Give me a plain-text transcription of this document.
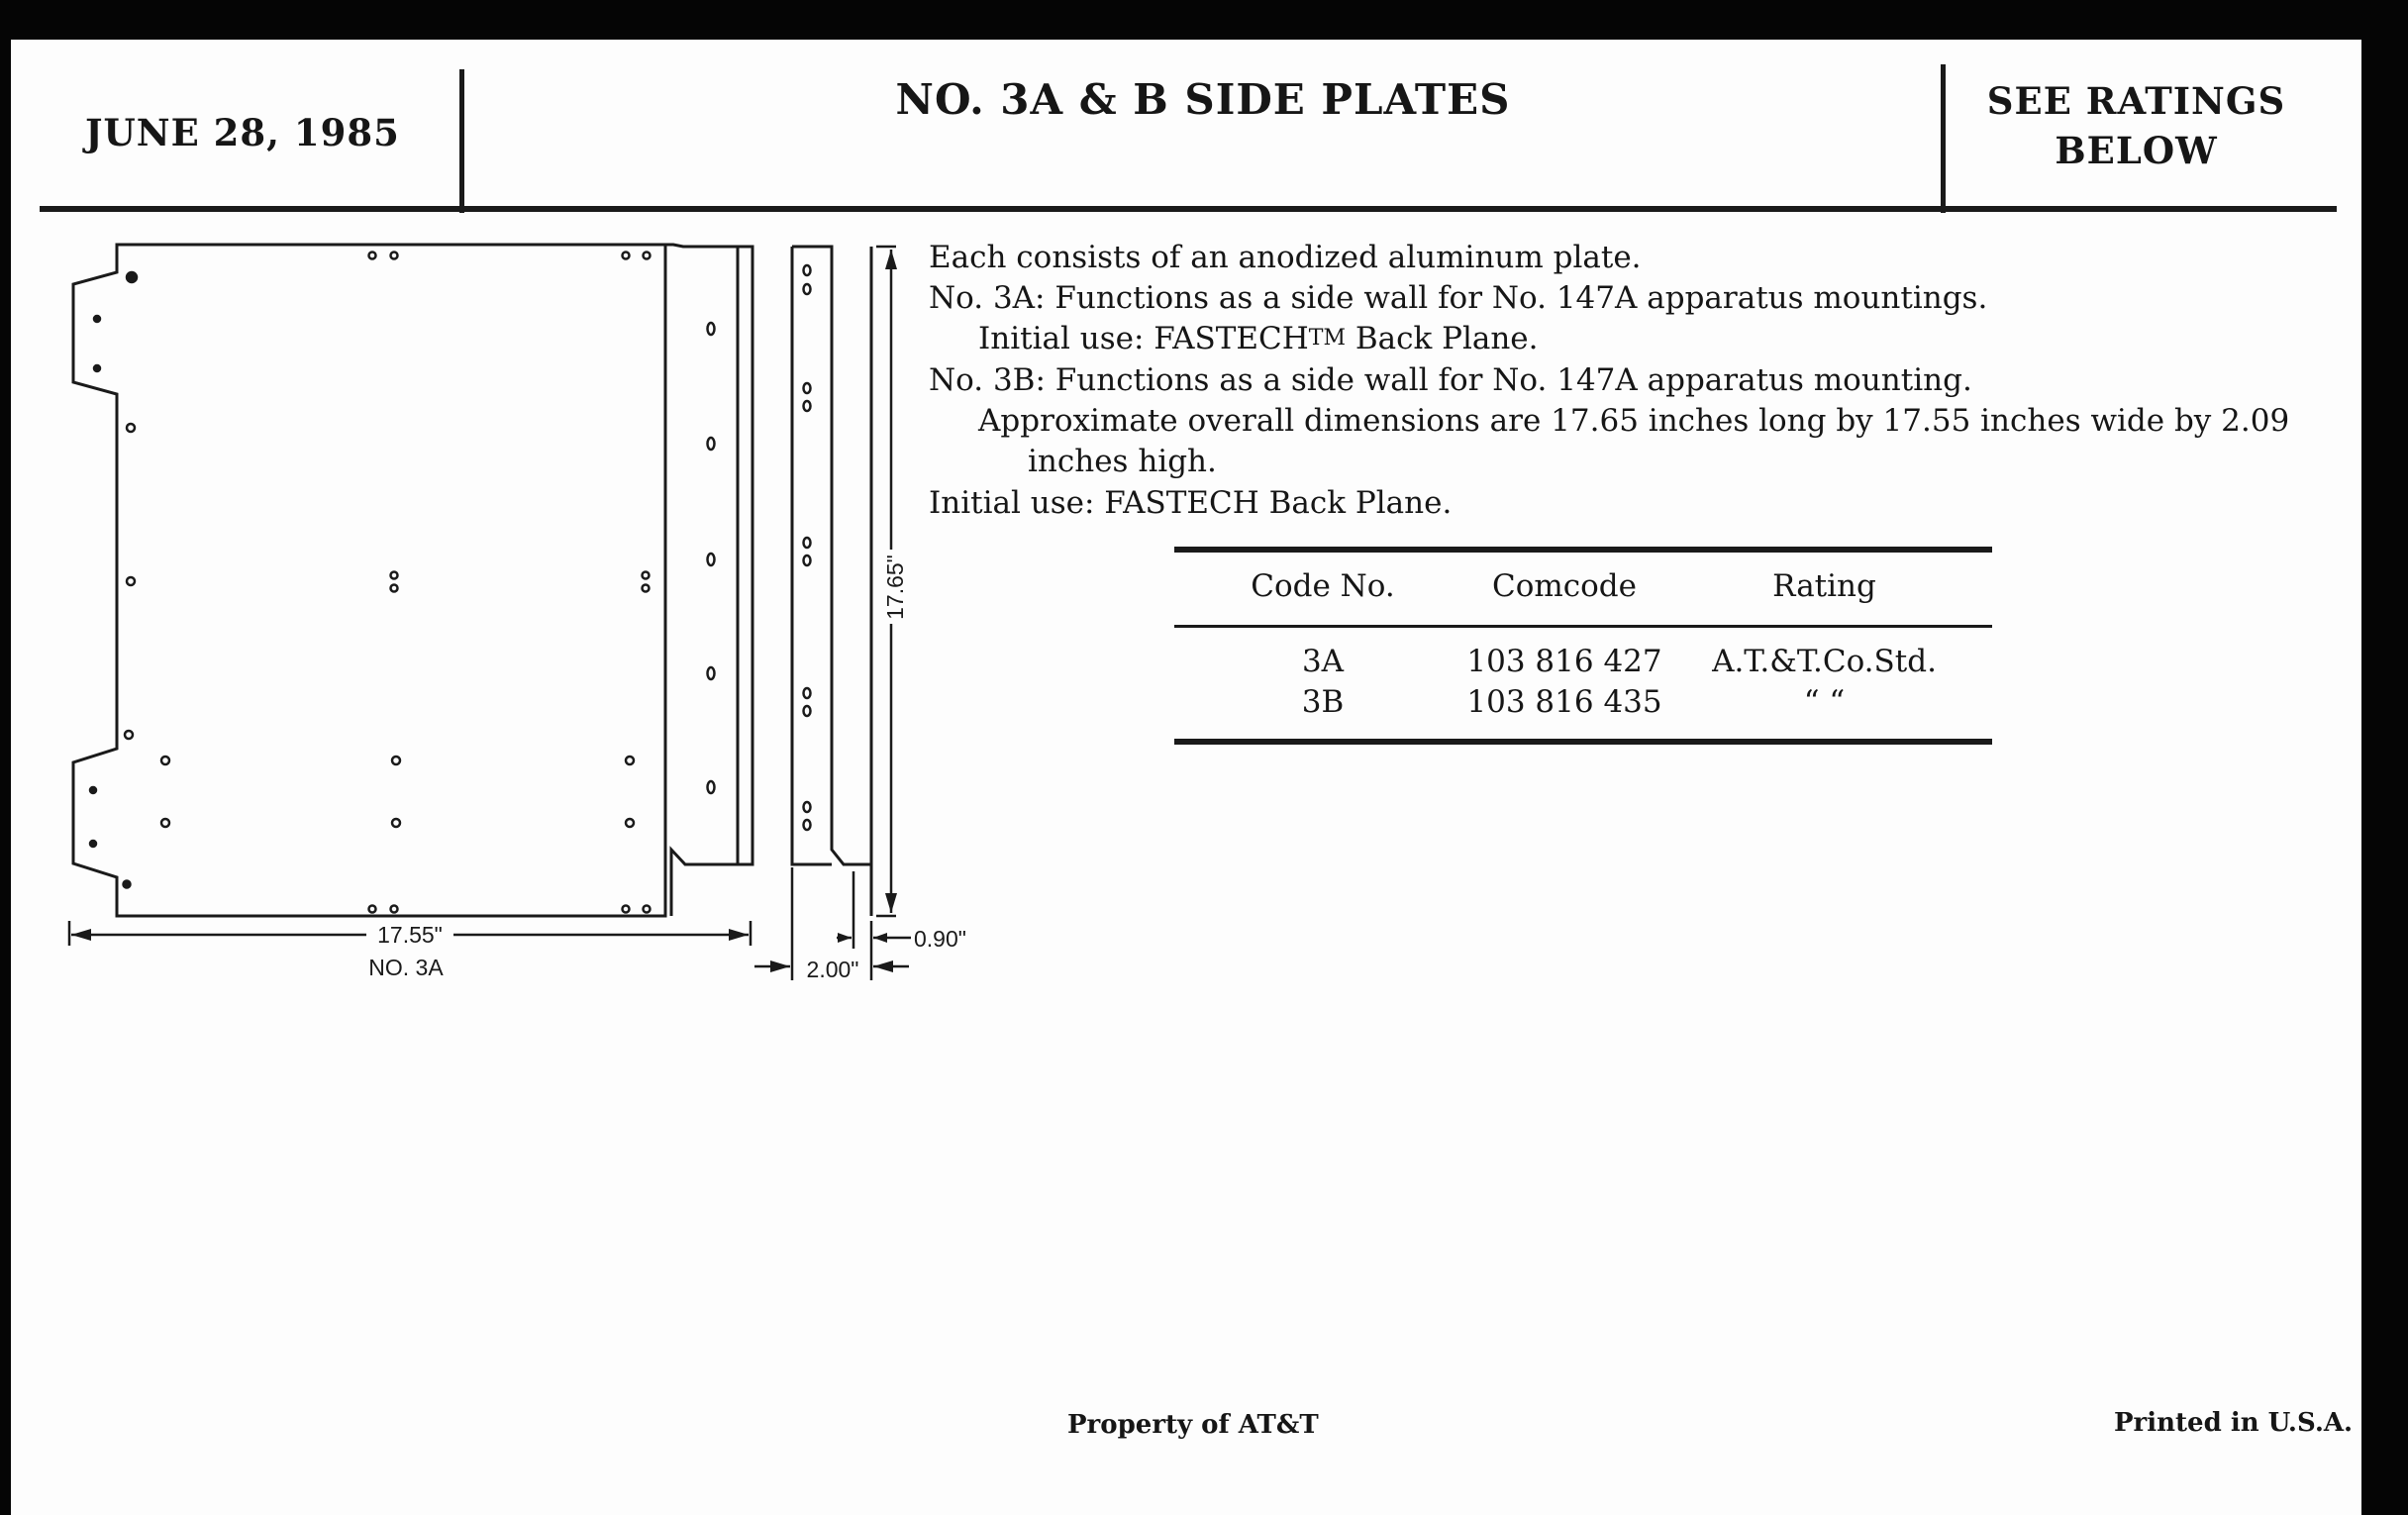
JUNE 28, 1985
NO. 3A & B SIDE PLATES	SEE RATINGS
BELOW
Each consists of an anodized aluminum plate.
No. 3A: Functions as a side wall for No. 147A apparatus mountings.
Initial use: FASTECH™ Back Plane.
No. 3B: Functions as a side wall for No. 147A apparatus mounting.
Approximate overall dimensions are 17.65 inches long by 17.55 inches wide by 2.09
inches high.
Initial use: FASTECH Back Plane.
Code No.	Comcode	Rating
3A	103 816 427	A.T.&T.Co.Std.
3B	103 816 435	“ “
17.55"
NO. 3A
17.65"
2.00"
0.90"
Property of AT&T	Printed in U.S.A.
